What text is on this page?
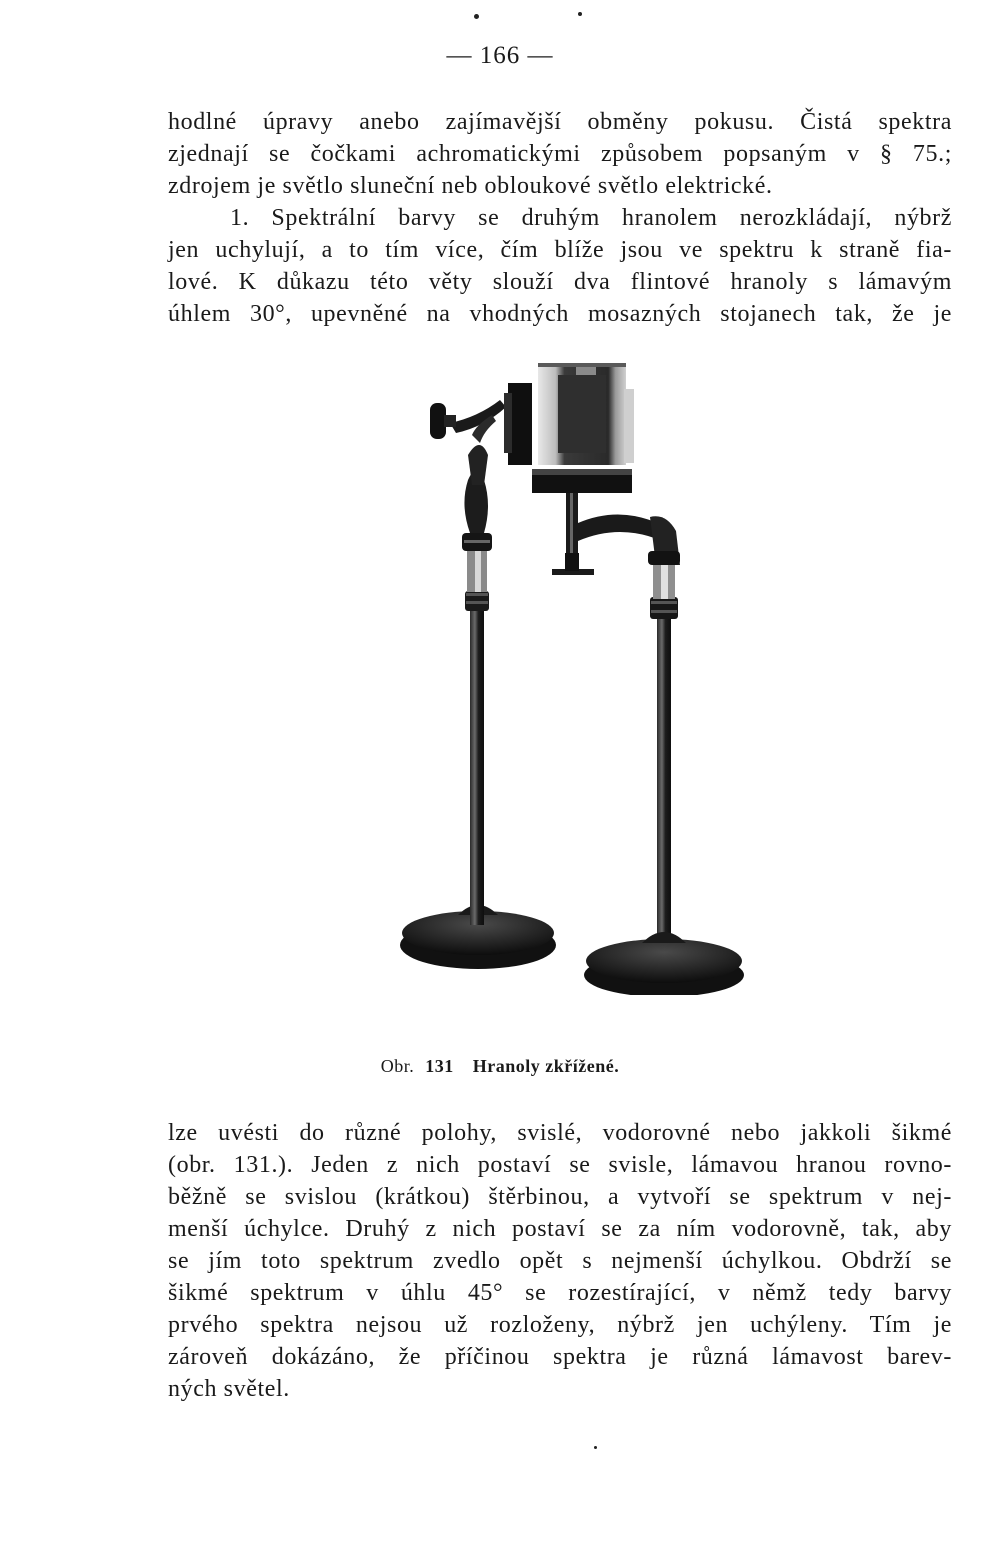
— 166 —
hodlné úpravy anebo zajímavější obměny pokusu. Čistá spektra
zjednají se čočkami achromatickými způsobem popsaným v § 75.;
zdrojem je světlo sluneční neb obloukové světlo elektrické.
1. Spektrální barvy se druhým hranolem nerozkládají, nýbrž
jen uchylují, a to tím více, čím blíže jsou ve spektru k straně fia-
lové. K důkazu této věty slouží dva flintové hranoly s lámavým
úhlem 30°, upevněné na vhodných mosazných stojanech tak, že je
Obr. 131 Hranoly zkřížené.
lze uvésti do různé polohy, svislé, vodorovné nebo jakkoli šikmé
(obr. 131.). Jeden z nich postaví se svisle, lámavou hranou rovno-
běžně se svislou (krátkou) štěrbinou, a vytvoří se spektrum v nej-
menší úchylce. Druhý z nich postaví se za ním vodorovně, tak, aby
se jím toto spektrum zvedlo opět s nejmenší úchylkou. Obdrží se
šikmé spektrum v úhlu 45° se rozestírající, v němž tedy barvy
prvého spektra nejsou už rozloženy, nýbrž jen uchýleny. Tím je
zároveň dokázáno, že příčinou spektra je různá lámavost barev-
ných světel.
